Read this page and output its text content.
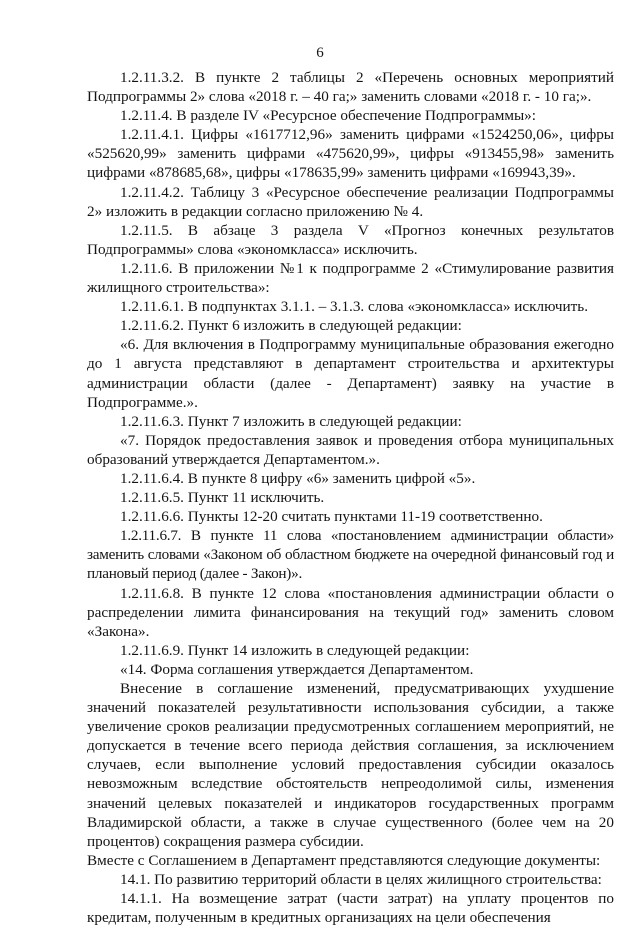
6

1.2.11.3.2. В пункте 2 таблицы 2 «Перечень основных мероприятий Подпрограммы 2» слова «2018 г. – 40 га;» заменить словами «2018 г. - 10 га;».

1.2.11.4. В разделе IV «Ресурсное обеспечение Подпрограммы»:

1.2.11.4.1. Цифры «1617712,96» заменить цифрами «1524250,06», цифры «525620,99» заменить цифрами «475620,99», цифры «913455,98» заменить цифрами «878685,68», цифры «178635,99» заменить цифрами «169943,39».

1.2.11.4.2. Таблицу 3 «Ресурсное обеспечение реализации Подпрограммы 2» изложить в редакции согласно приложению № 4.

1.2.11.5. В абзаце 3 раздела V «Прогноз конечных результатов Подпрограммы» слова «экономкласса» исключить.

1.2.11.6. В приложении №1 к подпрограмме 2 «Стимулирование развития жилищного строительства»:

1.2.11.6.1. В подпунктах 3.1.1. – 3.1.3. слова «экономкласса» исключить.

1.2.11.6.2. Пункт 6 изложить в следующей редакции:

«6. Для включения в Подпрограмму муниципальные образования ежегодно до 1 августа представляют в департамент строительства и архитектуры администрации области (далее - Департамент) заявку на участие в Подпрограмме.».

1.2.11.6.3. Пункт 7 изложить в следующей редакции:

«7. Порядок предоставления заявок и проведения отбора муниципальных образований утверждается Департаментом.».

1.2.11.6.4. В пункте 8 цифру «6» заменить цифрой «5».

1.2.11.6.5. Пункт 11 исключить.

1.2.11.6.6. Пункты 12-20 считать пунктами 11-19 соответственно.

1.2.11.6.7. В пункте 11 слова «постановлением администрации области» заменить словами «Законом об областном бюджете на очередной финансовый год и плановый период (далее - Закон)».

1.2.11.6.8. В пункте 12 слова «постановления администрации области о распределении лимита финансирования на текущий год» заменить словом «Закона».

1.2.11.6.9. Пункт 14 изложить в следующей редакции:

«14. Форма соглашения утверждается Департаментом.

Внесение в соглашение изменений, предусматривающих ухудшение значений показателей результативности использования субсидии, а также увеличение сроков реализации предусмотренных соглашением мероприятий, не допускается в течение всего периода действия соглашения, за исключением случаев, если выполнение условий предоставления субсидии оказалось невозможным вследствие обстоятельств непреодолимой силы, изменения значений целевых показателей и индикаторов государственных программ Владимирской области, а также в случае существенного (более чем на 20 процентов) сокращения размера субсидии.

Вместе с Соглашением в Департамент представляются следующие документы:

14.1. По развитию территорий области в целях жилищного строительства:

14.1.1. На возмещение затрат (части затрат) на уплату процентов по кредитам, полученным в кредитных организациях на цели обеспечения
